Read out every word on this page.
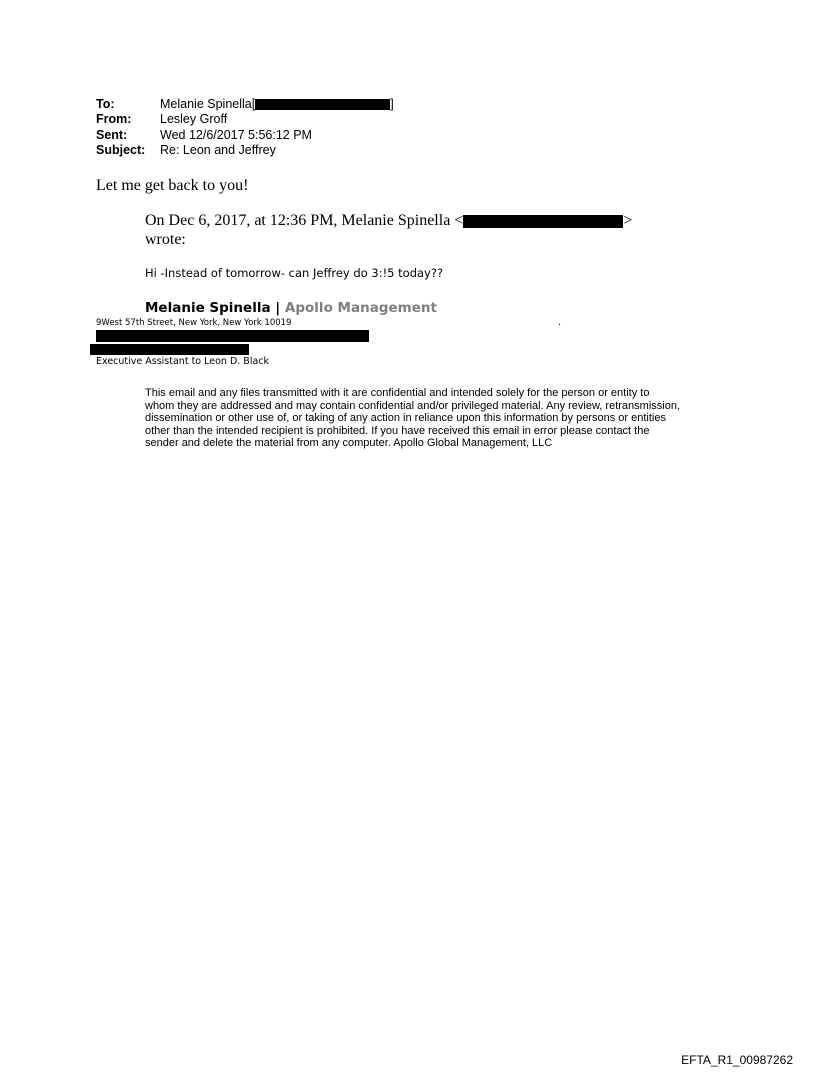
To:	Melanie Spinella[	]
From:	Lesley Groff
Sent:	Wed 12/6/2017 5:56:12 PM
Subject:	Re: Leon and Jeffrey
Let me get back to you!
On Dec 6, 2017, at 12:36 PM, Melanie Spinella <	>
wrote:
Hi -Instead of tomorrow- can Jeffrey do 3:!5 today??
Melanie Spinella | Apollo Management
9West 57th Street, New York, New York 10019	.
Executive Assistant to Leon D. Black
This email and any files transmitted with it are confidential and intended solely for the person or entity to whom they are addressed and may contain confidential and/or privileged material. Any review, retransmission, dissemination or other use of, or taking of any action in reliance upon this information by persons or entities other than the intended recipient is prohibited. If you have received this email in error please contact the sender and delete the material from any computer. Apollo Global Management, LLC
EFTA_R1_00987262
